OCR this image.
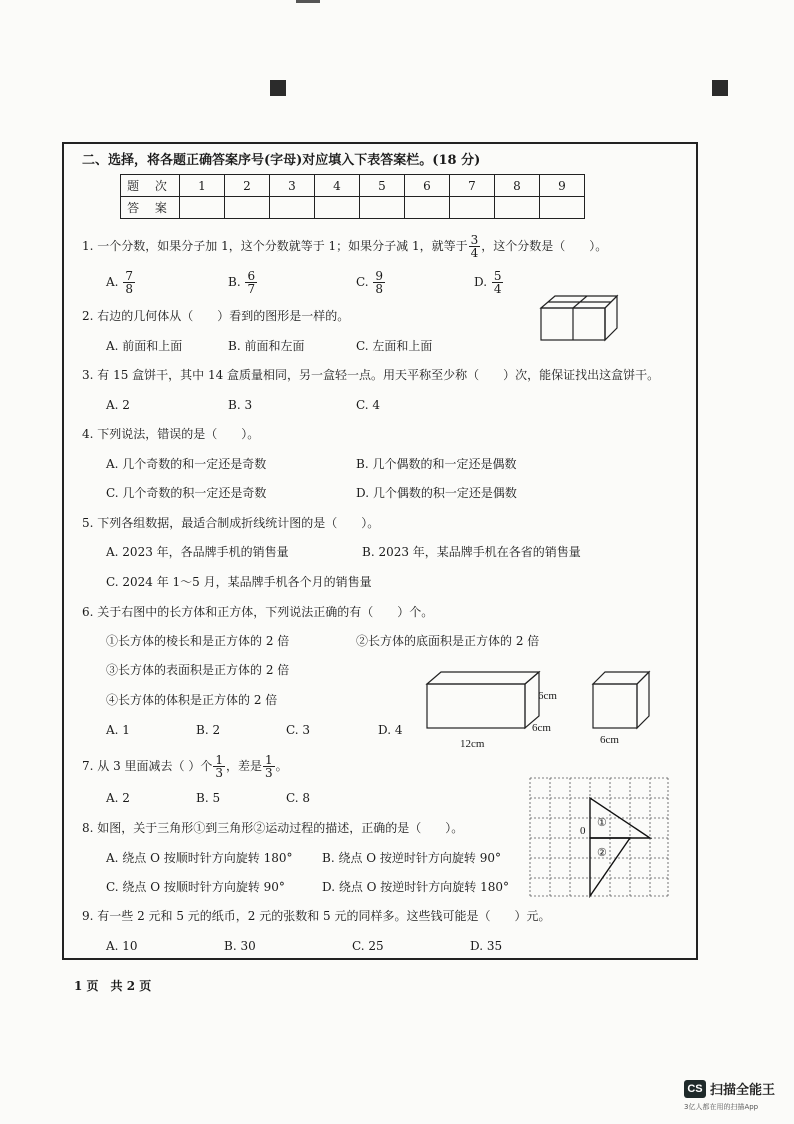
二、选择，将各题正确答案序号(字母)对应填入下表答案栏。(18 分)
题 次	1	2	3	4	5	6	7	8	9
答 案									
1. 一个分数，如果分子加 1，这个分数就等于 1；如果分子减 1，就等于 $\frac{3}{4}$ ，这个分数是（　　）。
A. $\frac{7}{8}$	B. $\frac{6}{7}$	C. $\frac{9}{8}$	D. $\frac{5}{4}$
2. 右边的几何体从（　　）看到的图形是一样的。
A. 前面和上面	B. 前面和左面	C. 左面和上面
3. 有 15 盒饼干，其中 14 盒质量相同，另一盒轻一点。用天平称至少称（　　）次，能保证找出这盒饼干。
A. 2	B. 3	C. 4
4. 下列说法，错误的是（　　）。
A. 几个奇数的和一定还是奇数	B. 几个偶数的和一定还是偶数
C. 几个奇数的积一定还是奇数	D. 几个偶数的积一定还是偶数
5. 下列各组数据，最适合制成折线统计图的是（　　）。
A. 2023 年，各品牌手机的销售量	B. 2023 年，某品牌手机在各省的销售量
C. 2024 年 1～5 月，某品牌手机各个月的销售量
6. 关于右图中的长方体和正方体，下列说法正确的有（　　）个。
①长方体的棱长和是正方体的 2 倍	②长方体的底面积是正方体的 2 倍
③长方体的表面积是正方体的 2 倍
④长方体的体积是正方体的 2 倍
A. 1	B. 2	C. 3	D. 4
6cm
6cm
12cm	6cm
7. 从 3 里面减去（ ）个 $\frac{1}{3}$ ，差是 $\frac{1}{3}$ 。
A. 2	B. 5	C. 8
8. 如图，关于三角形①到三角形②运动过程的描述，正确的是（　　）。
A. 绕点 O 按顺时针方向旋转 180° B. 绕点 O 按逆时针方向旋转 90°
C. 绕点 O 按顺时针方向旋转 90°	D. 绕点 O 按逆时针方向旋转 180°
0
①
②
9. 有一些 2 元和 5 元的纸币，2 元的张数和 5 元的同样多。这些钱可能是（　　）元。
A. 10	B. 30	C. 25	D. 35
1 页　共 2 页
CS 扫描全能王
3亿人都在用的扫描App
